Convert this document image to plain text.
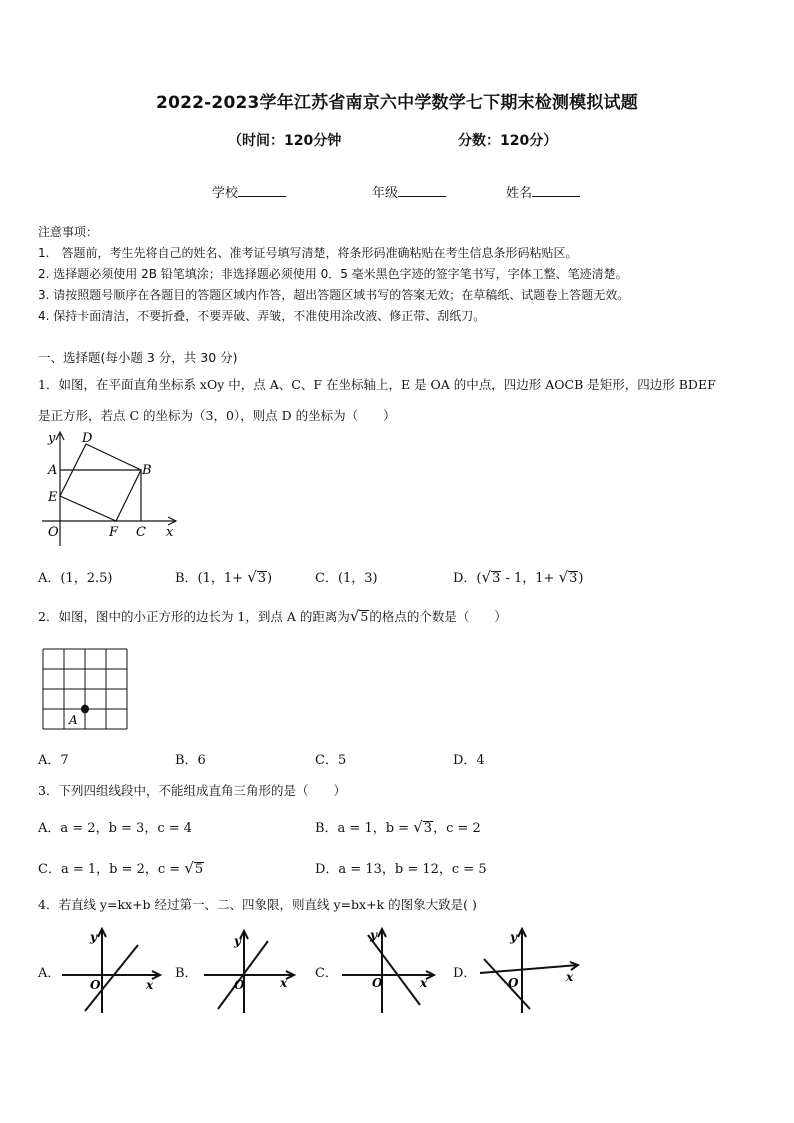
2022-2023学年江苏省南京六中学数学七下期末检测模拟试题
（时间：120分钟	分数：120分）
学校	年级	姓名
注意事项：
1.　答题前，考生先将自己的姓名、准考证号填写清楚，将条形码准确粘贴在考生信息条形码粘贴区。
2. 选择题必须使用 2B 铅笔填涂；非选择题必须使用 0．5 毫米黑色字迹的签字笔书写，字体工整、笔迹清楚。
3. 请按照题号顺序在各题目的答题区域内作答，超出答题区域书写的答案无效；在草稿纸、试题卷上答题无效。
4. 保持卡面清洁，不要折叠，不要弄破、弄皱，不准使用涂改液、修正带、刮纸刀。
一、选择题(每小题 3 分，共 30 分)
1．如图，在平面直角坐标系 xOy 中，点 A、C、F 在坐标轴上，E 是 OA 的中点，四边形 AOCB 是矩形，四边形 BDEF
是正方形，若点 C 的坐标为（3，0），则点 D 的坐标为（　　）
y D
A	B
E
O	F C x
A．(1，2.5)	B．(1，1+ √3)	C．(1，3)	D．(√3 - 1，1+ √3)
2．如图，图中的小正方形的边长为 1，到点 A 的距离为√5的格点的个数是（　　）
A
A．7	B．6	C．5	D．4
3．下列四组线段中，不能组成直角三角形的是（　　）
A．a = 2，b = 3，c = 4	B．a = 1，b = √3，c = 2
C．a = 1，b = 2，c = √5	D．a = 13，b = 12，c = 5
4．若直线 y=kx+b 经过第一、二、四象限，则直线 y=bx+k 的图象大致是( )
A．
y
x
O
B．
y
x
O
C．
y
x
O
D．
y
x
O
